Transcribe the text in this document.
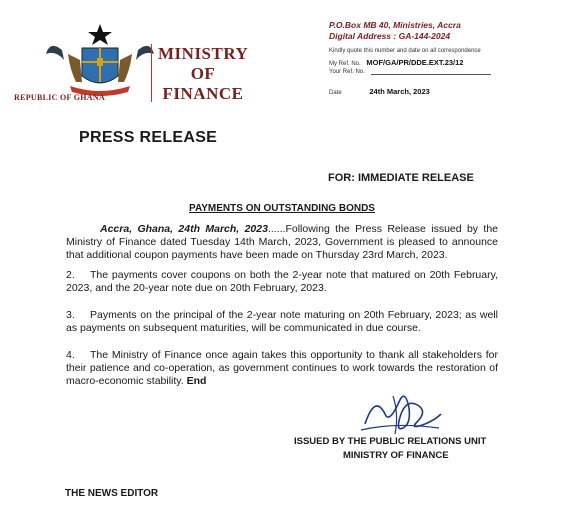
REPUBLIC OF GHANA
MINISTRY
OF
FINANCE
P.O.Box MB 40, Ministries, Accra
Digital Address : GA-144-2024
Kindly quote this number and date on all correspondence
My Ref. No. MOF/GA/PR/DDE.EXT.23/12
Your Ref. No.
Date	24th March, 2023
PRESS RELEASE
FOR: IMMEDIATE RELEASE
PAYMENTS ON OUTSTANDING BONDS
Accra, Ghana, 24th March, 2023......Following the Press Release issued by the Ministry of Finance dated Tuesday 14th March, 2023, Government is pleased to announce that additional coupon payments have been made on Thursday 23rd March, 2023.
2. The payments cover coupons on both the 2-year note that matured on 20th February, 2023, and the 20-year note due on 20th February, 2023.
3. Payments on the principal of the 2-year note maturing on 20th February, 2023; as well as payments on subsequent maturities, will be communicated in due course.
4. The Ministry of Finance once again takes this opportunity to thank all stakeholders for their patience and co-operation, as government continues to work towards the restoration of macro-economic stability. End
ISSUED BY THE PUBLIC RELATIONS UNIT
MINISTRY OF FINANCE
THE NEWS EDITOR
